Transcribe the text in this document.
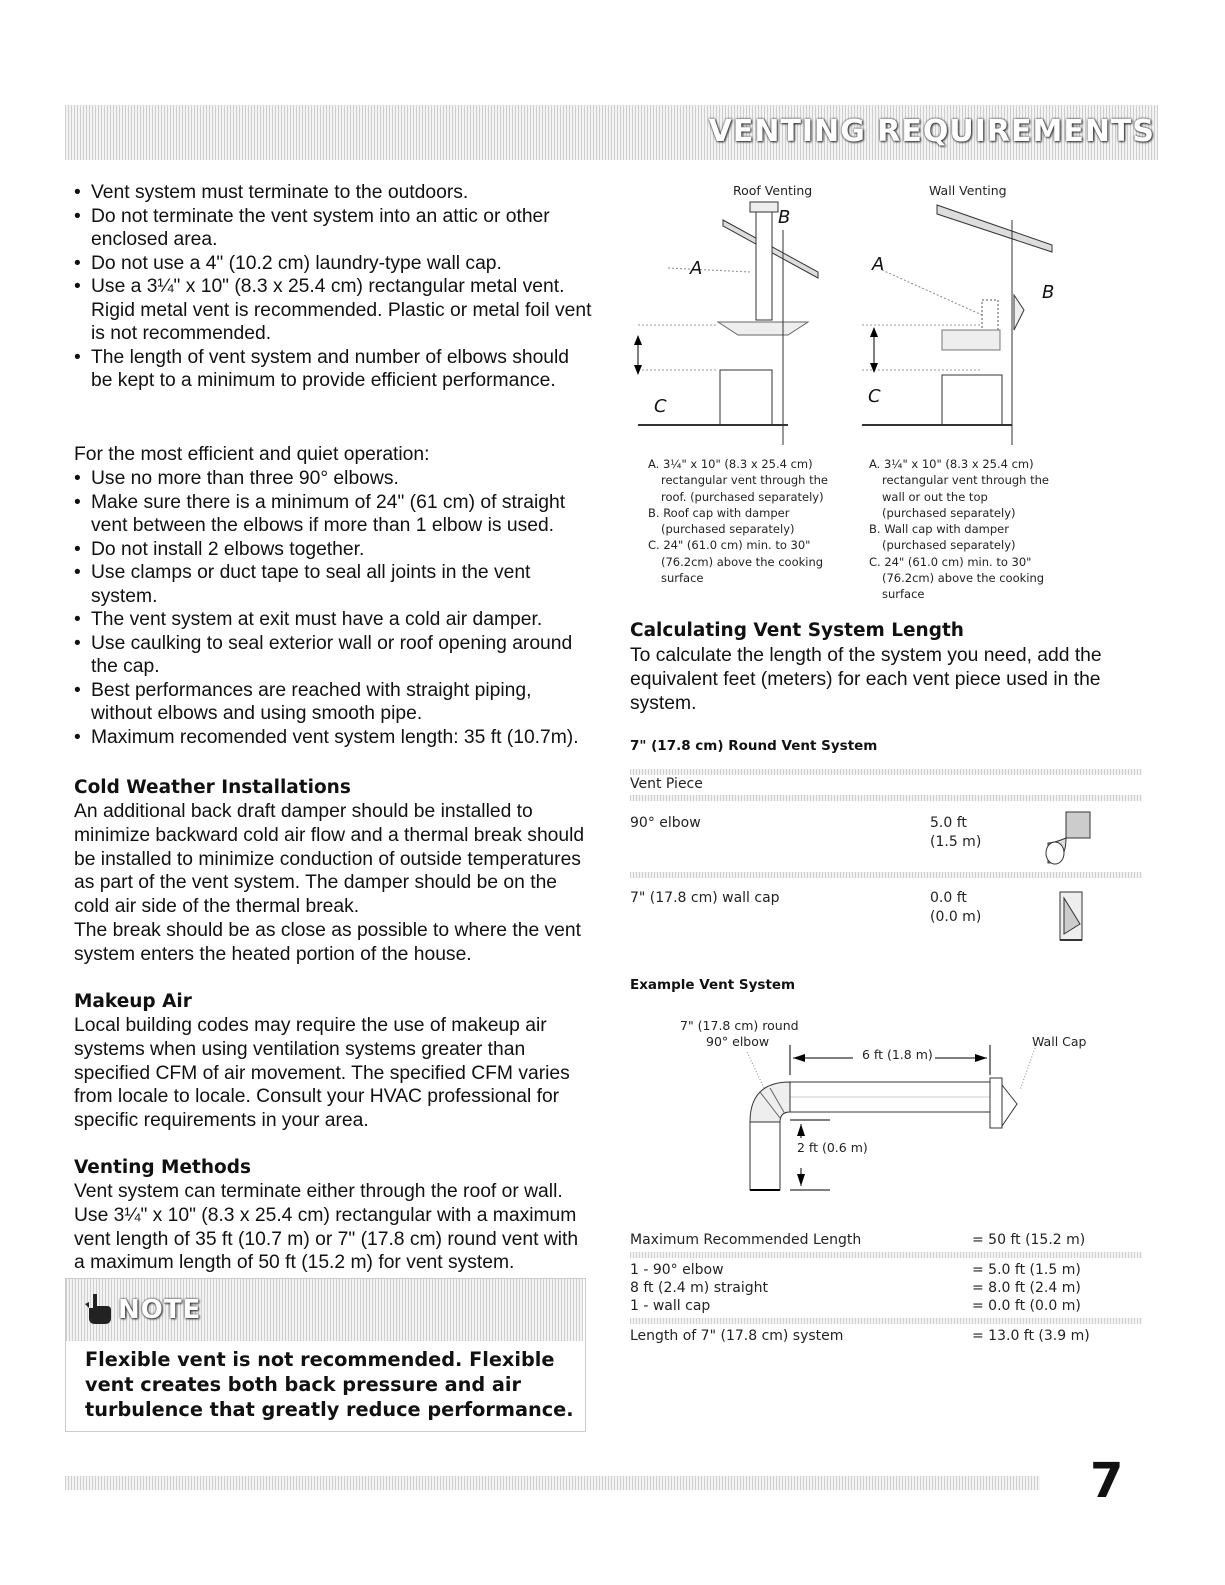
VENTING REQUIREMENTS
• Vent system must terminate to the outdoors.
• Do not terminate the vent system into an attic or other enclosed area.
• Do not use a 4" (10.2 cm) laundry-type wall cap.
• Use a 3¼" x 10" (8.3 x 25.4 cm) rectangular metal vent. Rigid metal vent is recommended. Plastic or metal foil vent is not recommended.
• The length of vent system and number of elbows should be kept to a minimum to provide efficient performance.

For the most efficient and quiet operation:

• Use no more than three 90° elbows.
• Make sure there is a minimum of 24" (61 cm) of straight vent between the elbows if more than 1 elbow is used.
• Do not install 2 elbows together.
• Use clamps or duct tape to seal all joints in the vent system.
• The vent system at exit must have a cold air damper.
• Use caulking to seal exterior wall or roof opening around the cap.
• Best performances are reached with straight piping, without elbows and using smooth pipe.
• Maximum recomended vent system length: 35 ft (10.7m).
Cold Weather Installations

An additional back draft damper should be installed to minimize backward cold air flow and a thermal break should be installed to minimize conduction of outside temperatures as part of the vent system. The damper should be on the cold air side of the thermal break.

The break should be as close as possible to where the vent system enters the heated portion of the house.

Makeup Air

Local building codes may require the use of makeup air systems when using ventilation systems greater than specified CFM of air movement. The specified CFM varies from locale to locale. Consult your HVAC professional for specific requirements in your area.

Venting Methods

Vent system can terminate either through the roof or wall. Use 3¼" x 10" (8.3 x 25.4 cm) rectangular with a maximum vent length of 35 ft (10.7 m) or 7" (17.8 cm) round vent with a maximum length of 50 ft (15.2 m) for vent system.

NOTE
Flexible vent is not recommended. Flexible vent creates both back pressure and air turbulence that greatly reduce performance.
Roof Venting	Wall Venting
A
B
C
A
B
C
A. 3¼" x 10" (8.3 x 25.4 cm)
rectangular vent through the
roof. (purchased separately)
B. Roof cap with damper
(purchased separately)
C. 24" (61.0 cm) min. to 30"
(76.2cm) above the cooking
surface
A. 3¼" x 10" (8.3 x 25.4 cm)
rectangular vent through the
wall or out the top
(purchased separately)
B. Wall cap with damper
(purchased separately)
C. 24" (61.0 cm) min. to 30"
(76.2cm) above the cooking
surface
Calculating Vent System Length

To calculate the length of the system you need, add the equivalent feet (meters) for each vent piece used in the system.

7" (17.8 cm) Round Vent System
Vent Piece
90° elbow	5.0 ft
(1.5 m)
7" (17.8 cm) wall cap	0.0 ft
(0.0 m)
Example Vent System
7" (17.8 cm) round
90° elbow	Wall Cap
6 ft (1.8 m)
2 ft (0.6 m)
Maximum Recommended Length	= 50 ft (15.2 m)
1 - 90° elbow	= 5.0 ft (1.5 m)
8 ft (2.4 m) straight	= 8.0 ft (2.4 m)
1 - wall cap	= 0.0 ft (0.0 m)
Length of 7" (17.8 cm) system	= 13.0 ft (3.9 m)
7
